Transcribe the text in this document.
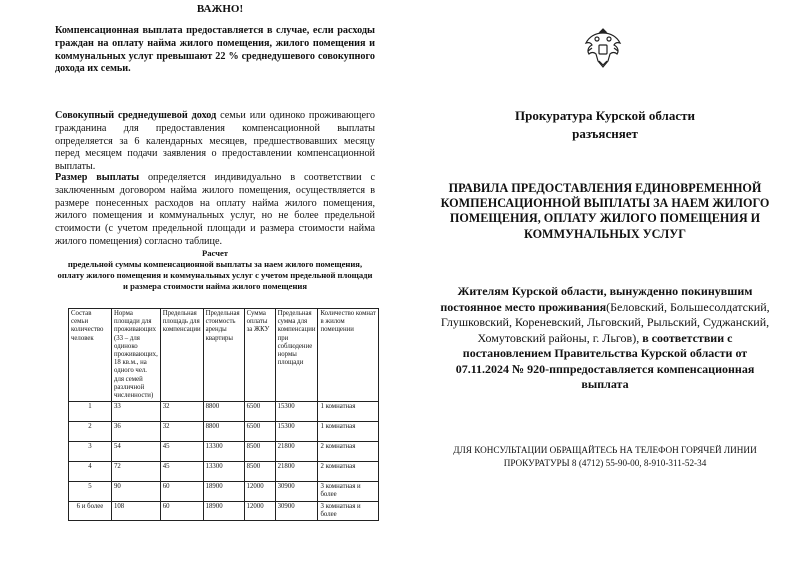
ВАЖНО!
Компенсационная выплата предоставляется в случае, если расходы граждан на оплату найма жилого помещения, жилого помещения и коммунальных услуг превышают 22 % среднедушевого совокупного дохода их семьи.
Совокупный среднедушевой доход семьи или одиноко проживающего гражданина для предоставления компенсационной выплаты определяется за 6 календарных месяцев, предшествовавших месяцу перед месяцем подачи заявления о предоставлении компенсационной выплаты.
Размер выплаты определяется индивидуально в соответствии с заключенным договором найма жилого помещения, осуществляется в размере понесенных расходов на оплату найма жилого помещения, жилого помещения и коммунальных услуг, но не более предельной стоимости (с учетом предельной площади и размера стоимости найма жилого помещения) согласно таблице.
Расчет
предельной суммы компенсационной выплаты за наем жилого помещения, оплату жилого помещения и коммунальных услуг с учетом предельной площади и размера стоимости найма жилого помещения
Состав семьи количество человек	Норма площади для проживающих (33 – для одиноко проживающих, 18 кв.м., на одного чел. для семей различной численности)	Предельная площадь для компенсации	Предельная стоимость аренды квартиры	Сумма оплаты за ЖКУ	Предельная сумма для компенсации при соблюдение нормы площади	Количество комнат в жилом помещении
1	33	32	8800	6500	15300	1 комнатная
2	36	32	8800	6500	15300	1 комнатная
3	54	45	13300	8500	21800	2 комнатная
4	72	45	13300	8500	21800	2 комнатная
5	90	60	18900	12000	30900	3 комнатная и более
6 и более	108	60	18900	12000	30900	3 комнатная и более
Прокуратура Курской области
разъясняет
ПРАВИЛА ПРЕДОСТАВЛЕНИЯ ЕДИНОВРЕМЕННОЙ КОМПЕНСАЦИОННОЙ ВЫПЛАТЫ ЗА НАЕМ ЖИЛОГО ПОМЕЩЕНИЯ, ОПЛАТУ ЖИЛОГО ПОМЕЩЕНИЯ И КОММУНАЛЬНЫХ УСЛУГ
Жителям Курской области, вынужденно покинувшим постоянное место проживания(Беловский, Большесолдатский, Глушковский, Кореневский, Льговский, Рыльский, Суджанский, Хомутовский районы, г. Льгов), в соответствии с постановлением Правительства Курской области от 07.11.2024 № 920-пппредоставляется компенсационная выплата
ДЛЯ КОНСУЛЬТАЦИИ ОБРАЩАЙТЕСЬ НА ТЕЛЕФОН ГОРЯЧЕЙ ЛИНИИ ПРОКУРАТУРЫ 8 (4712) 55-90-00, 8-910-311-52-34
